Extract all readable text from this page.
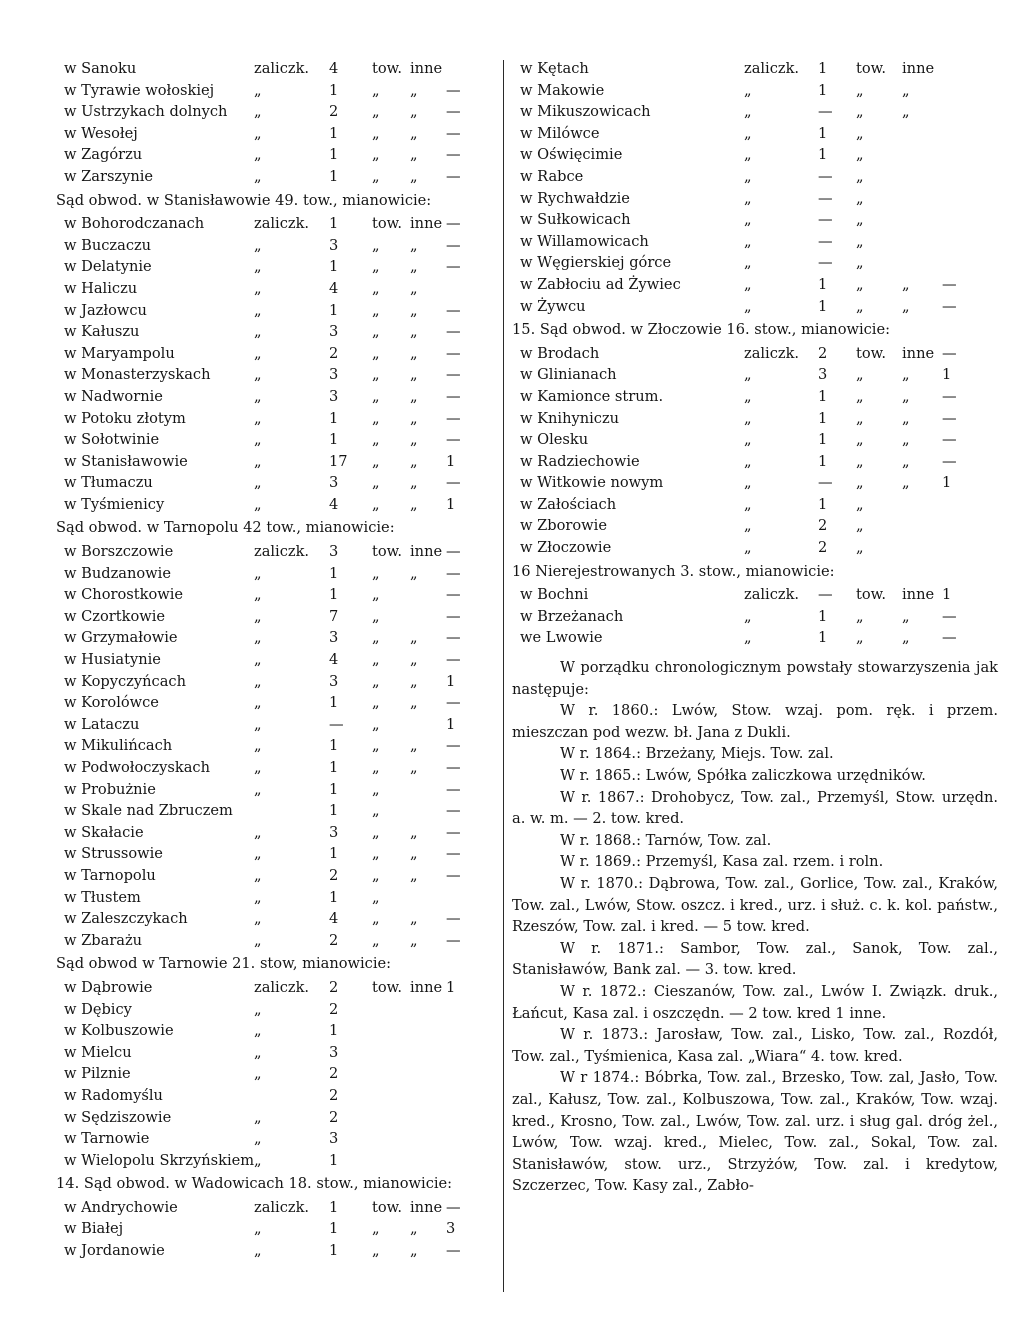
w Sanoku	zaliczk. 4 tow. inne
w Tyrawie wołoskiej	„	1 „ „ —
w Ustrzykach dolnych „	2 „ „ —
w Wesołej	„	1 „ „ —
w Zagórzu	„	1 „ „ —
w Zarszynie	„	1 „ „ —
Sąd obwod. w Stanisławowie 49. tow., mianowicie:
w Bohorodczanach	zaliczk. 1 tow. inne —
w Buczaczu	„	3 „ „ —
w Delatynie	„	1 „ „ —
w Haliczu	„	4 „ „
w Jazłowcu	„	1 „ „ —
w Kałuszu	„	3 „ „ —
w Maryampolu	„	2 „ „ —
w Monasterzyskach	„	3 „ „ —
w Nadwornie	„	3 „ „ —
w Potoku złotym	„	1 „ „ —
w Sołotwinie	„	1 „ „ —
w Stanisławowie	„	17 „ „ 1
w Tłumaczu	„	3 „ „ —
w Tyśmienicy	„	4 „ „ 1
Sąd obwod. w Tarnopolu 42 tow., mianowicie:
w Borszczowie	zaliczk. 3 tow. inne —
w Budzanowie	„	1 „ „ —
w Chorostkowie	„	1 „	—
w Czortkowie	„	7 „	—
w Grzymałowie	„	3 „ „ —
w Husiatynie	„	4 „ „ —
w Kopyczyńcach	„	3 „ „ 1
w Korolówce	„	1 „ „ —
w Lataczu	„	— „	1
w Mikulińcach	„	1 „ „ —
w Podwołoczyskach	„	1 „ „ —
w Probużnie	„	1 „	—
w Skale nad Zbruczem	1 „	—
w Skałacie	„	3 „ „ —
w Strussowie	„	1 „ „ —
w Tarnopolu	„	2 „ „ —
w Tłustem	„	1 „
w Zaleszczykach	„	4 „ „ —
w Zbarażu	„	2 „ „ —
Sąd obwod w Tarnowie 21. stow, mianowicie:
w Dąbrowie	zaliczk. 2 tow. inne 1
w Dębicy	„	2
w Kolbuszowie	„	1
w Mielcu	„	3
w Pilznie	„	2
w Radomyślu	2
w Sędziszowie	„	2
w Tarnowie	„	3
w Wielopolu Skrzyńskiem „	1
14. Sąd obwod. w Wadowicach 18. stow., mianowicie:
w Andrychowie	zaliczk. 1 tow. inne —
w Białej	„	1 „ „ 3
w Jordanowie	„	1 „ „ —
w Kętach	zaliczk. 1 tow. inne
w Makowie	„	1 „	„
w Mikuszowicach	„	— „	„
w Milówce	„	1 „
w Oświęcimie	„	1 „
w Rabce	„	— „
w Rychwałdzie	„	— „
w Sułkowicach	„	— „
w Willamowicach	„	— „
w Węgierskiej górce	„	— „
w Zabłociu ad Żywiec	„	1 „	„ —
w Żywcu	„	1 „	„ —
15. Sąd obwod. w Złoczowie 16. stow., mianowicie:
w Brodach	zaliczk. 2 tow. inne —
w Glinianach	„	3 „	„ 1
w Kamionce strum.	„	1 „	„ —
w Knihyniczu	„	1 „	„ —
w Olesku	„	1 „	„ —
w Radziechowie	„	1 „	„ —
w Witkowie nowym	„	— „	„ 1
w Załościach	„	1 „
w Zborowie	„	2 „
w Złoczowie	„	2 „
16 Nierejestrowanych 3. stow., mianowicie:
w Bochni	zaliczk. — tow. inne 1
w Brzeżanach	„	1 „	„ —
we Lwowie	„	1 „	„ —
W porządku chronologicznym powstały stowarzyszenia jak następuje:
W r. 1860.: Lwów, Stow. wzaj. pom. ręk. i przem. mieszczan pod wezw. bł. Jana z Dukli.
W r. 1864.: Brzeżany, Miejs. Tow. zal.
W r. 1865.: Lwów, Spółka zaliczkowa urzędników.
W r. 1867.: Drohobycz, Tow. zal., Przemyśl, Stow. urzędn. a. w. m. — 2. tow. kred.
W r. 1868.: Tarnów, Tow. zal.
W r. 1869.: Przemyśl, Kasa zal. rzem. i roln.
W r. 1870.: Dąbrowa, Tow. zal., Gorlice, Tow. zal., Kraków, Tow. zal., Lwów, Stow. oszcz. i kred., urz. i służ. c. k. kol. państw., Rzeszów, Tow. zal. i kred. — 5 tow. kred.
W r. 1871.: Sambor, Tow. zal., Sanok, Tow. zal., Stanisławów, Bank zal. — 3. tow. kred.
W r. 1872.: Cieszanów, Tow. zal., Lwów I. Związk. druk., Łańcut, Kasa zal. i oszczędn. — 2 tow. kred 1 inne.
W r. 1873.: Jarosław, Tow. zal., Lisko, Tow. zal., Rozdół, Tow. zal., Tyśmienica, Kasa zal. „Wiara“ 4. tow. kred.
W r 1874.: Bóbrka, Tow. zal., Brzesko, Tow. zal, Jasło, Tow. zal., Kałusz, Tow. zal., Kolbuszowa, Tow. zal., Kraków, Tow. wzaj. kred., Krosno, Tow. zal., Lwów, Tow. zal. urz. i sług gal. dróg żel., Lwów, Tow. wzaj. kred., Mielec, Tow. zal., Sokal, Tow. zal. Stanisławów, stow. urz., Strzyżów, Tow. zal. i kredytow, Szczerzec, Tow. Kasy zal., Zabło-
